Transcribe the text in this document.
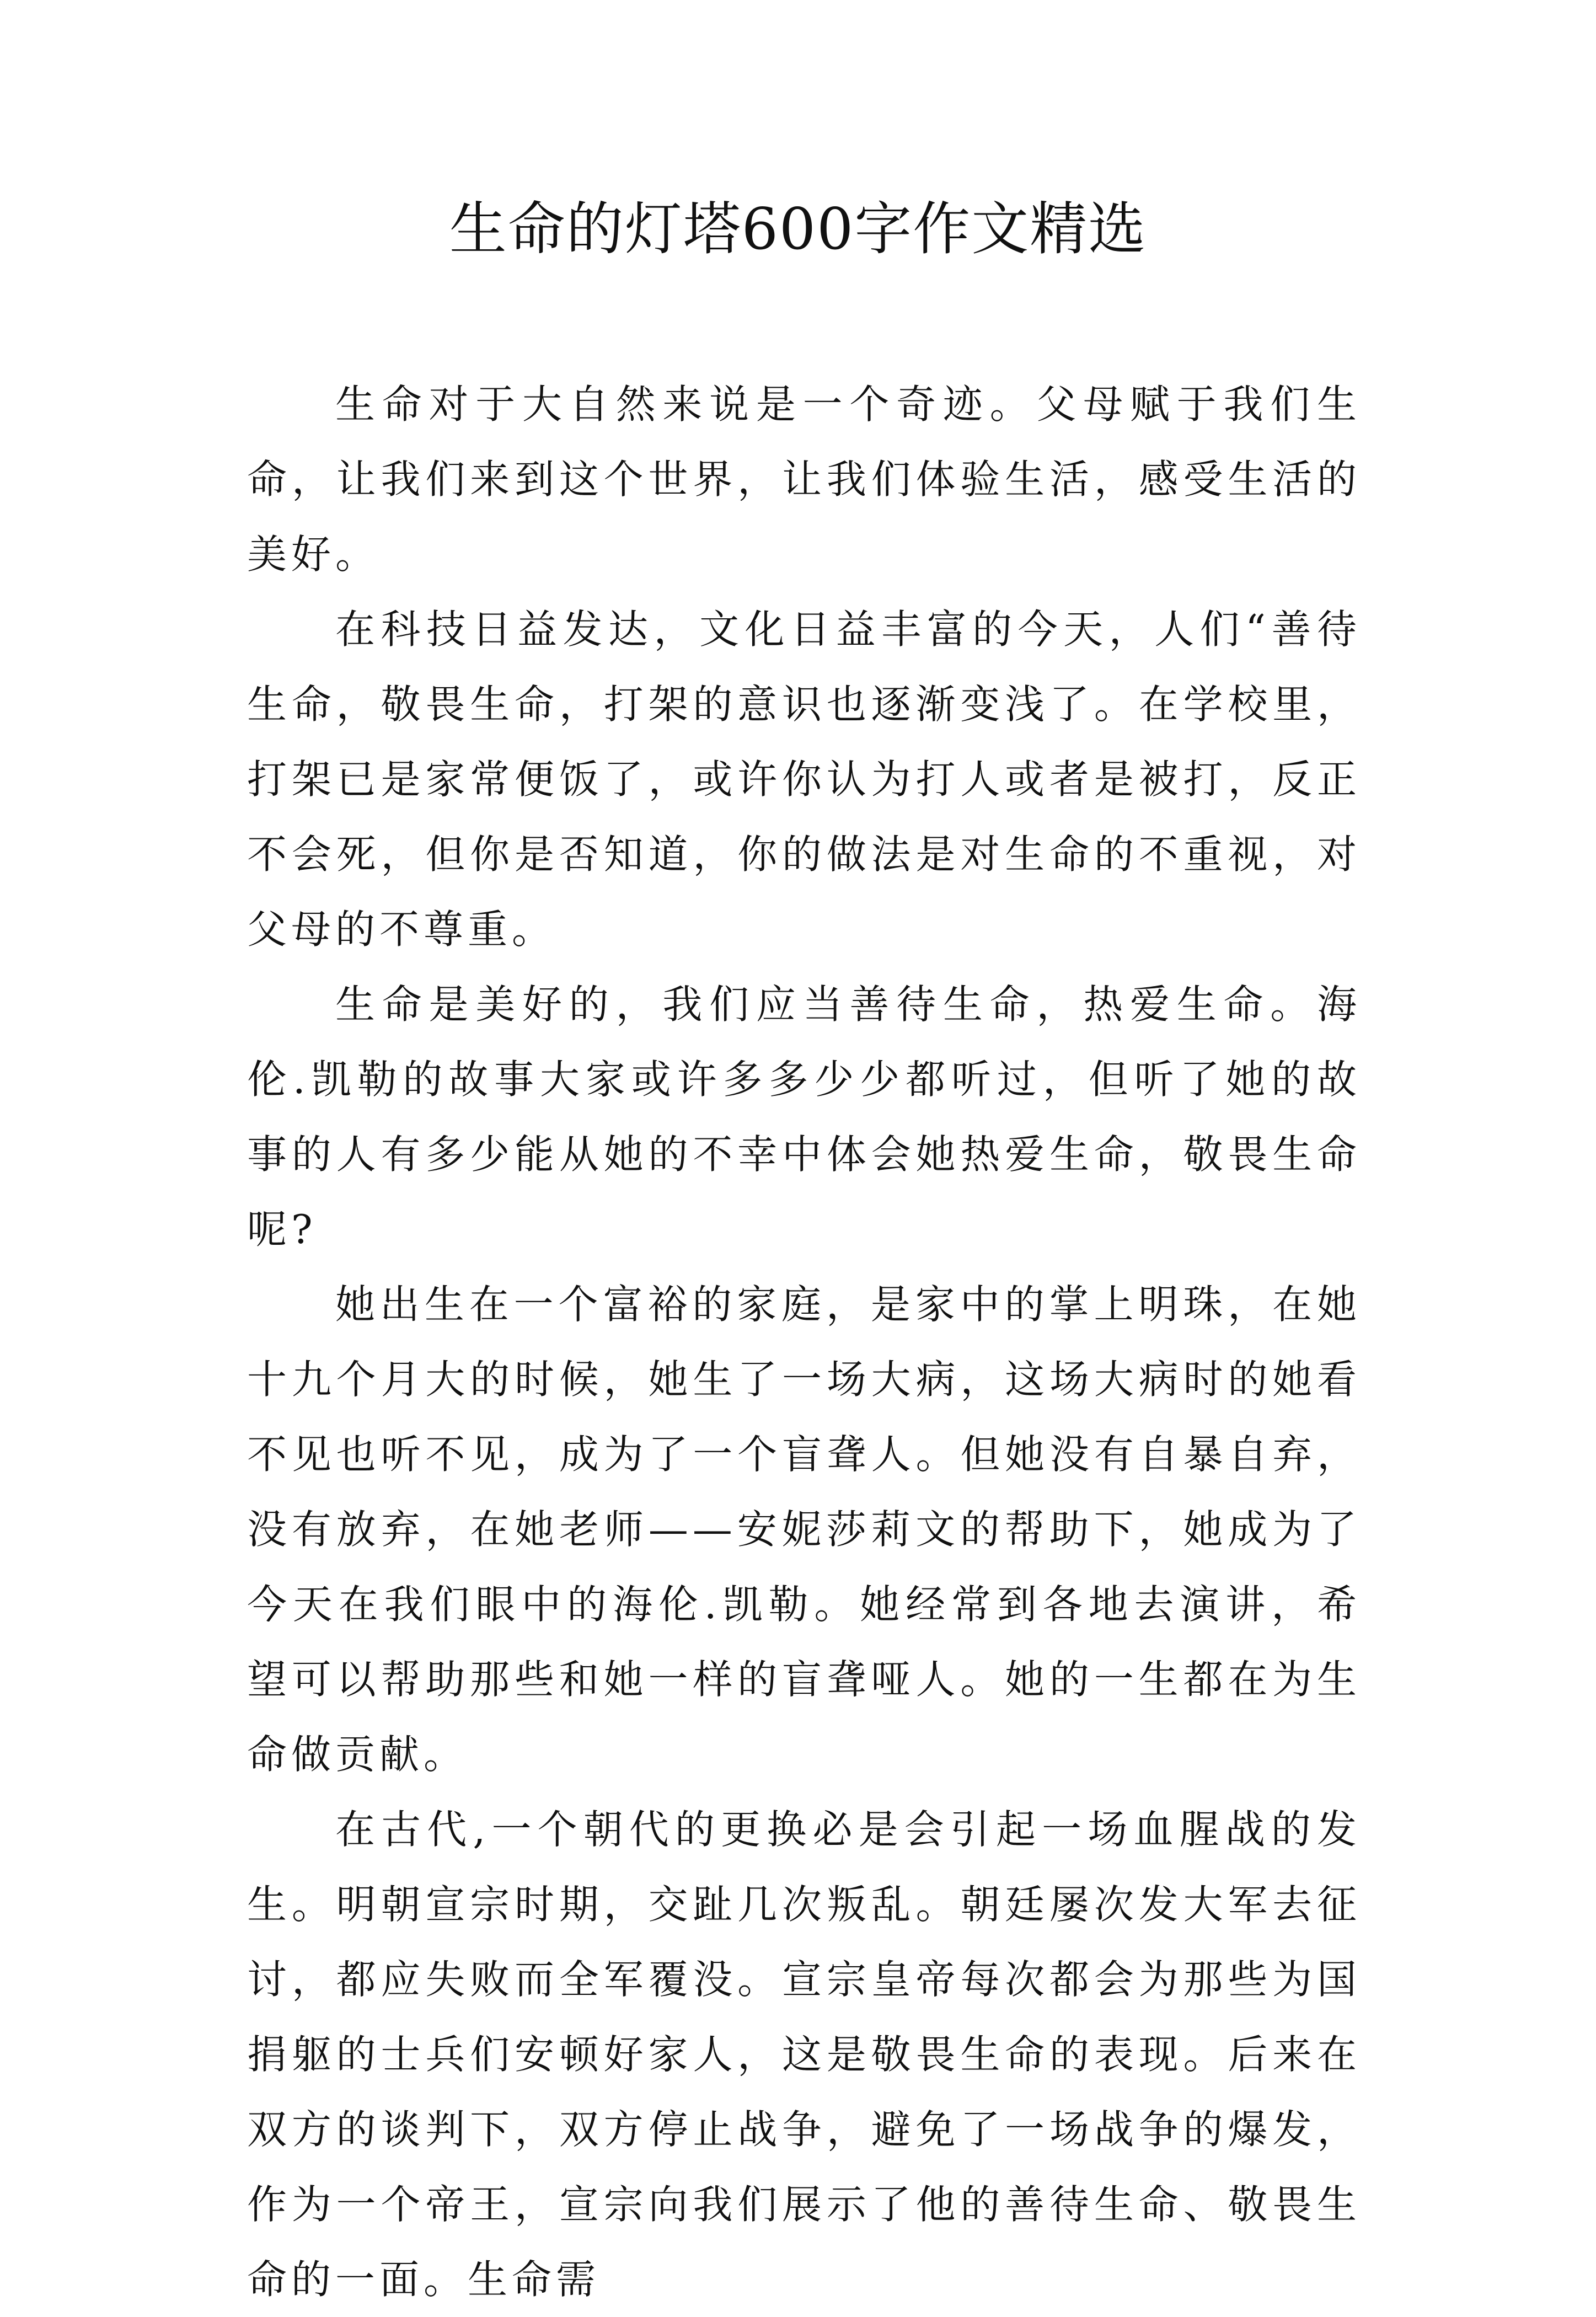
生命的灯塔600字作文精选

生命对于大自然来说是一个奇迹。父母赋于我们生命，让我们来到这个世界，让我们体验生活，感受生活的美好。

在科技日益发达，文化日益丰富的今天，人们“善待生命，敬畏生命，打架的意识也逐渐变浅了。在学校里，打架已是家常便饭了，或许你认为打人或者是被打，反正不会死，但你是否知道，你的做法是对生命的不重视，对父母的不尊重。

生命是美好的，我们应当善待生命，热爱生命。海伦.凯勒的故事大家或许多多少少都听过，但听了她的故事的人有多少能从她的不幸中体会她热爱生命，敬畏生命呢?

她出生在一个富裕的家庭，是家中的掌上明珠，在她十九个月大的时候，她生了一场大病，这场大病时的她看不见也听不见，成为了一个盲聋人。但她没有自暴自弃，没有放弃，在她老师——安妮莎莉文的帮助下，她成为了今天在我们眼中的海伦.凯勒。她经常到各地去演讲，希望可以帮助那些和她一样的盲聋哑人。她的一生都在为生命做贡献。

在古代,一个朝代的更换必是会引起一场血腥战的发生。明朝宣宗时期，交趾几次叛乱。朝廷屡次发大军去征讨，都应失败而全军覆没。宣宗皇帝每次都会为那些为国捐躯的士兵们安顿好家人，这是敬畏生命的表现。后来在双方的谈判下，双方停止战争，避免了一场战争的爆发，作为一个帝王，宣宗向我们展示了他的善待生命、敬畏生命的一面。生命需
